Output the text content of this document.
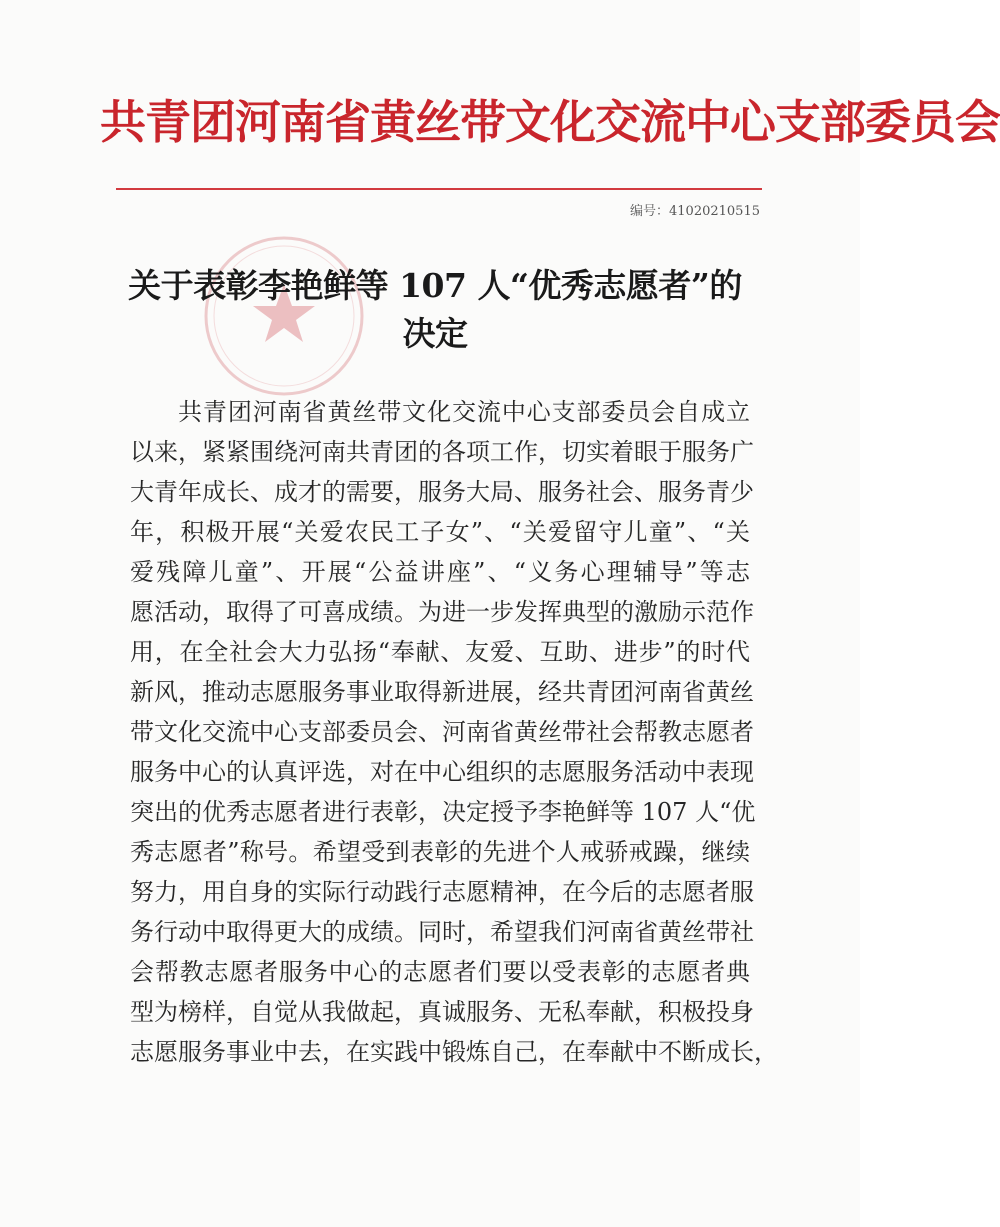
共青团河南省黄丝带文化交流中心支部委员会
编号：41020210515
关于表彰李艳鲜等 107 人“优秀志愿者”的
决定
共青团河南省黄丝带文化交流中心支部委员会自成立
以来，紧紧围绕河南共青团的各项工作，切实着眼于服务广
大青年成长、成才的需要，服务大局、服务社会、服务青少
年，积极开展“关爱农民工子女”、“关爱留守儿童”、“关
爱残障儿童”、开展“公益讲座”、“义务心理辅导”等志
愿活动，取得了可喜成绩。为进一步发挥典型的激励示范作
用，在全社会大力弘扬“奉献、友爱、互助、进步”的时代
新风，推动志愿服务事业取得新进展，经共青团河南省黄丝
带文化交流中心支部委员会、河南省黄丝带社会帮教志愿者
服务中心的认真评选，对在中心组织的志愿服务活动中表现
突出的优秀志愿者进行表彰，决定授予李艳鲜等 107 人“优
秀志愿者”称号。希望受到表彰的先进个人戒骄戒躁，继续
努力，用自身的实际行动践行志愿精神，在今后的志愿者服
务行动中取得更大的成绩。同时，希望我们河南省黄丝带社
会帮教志愿者服务中心的志愿者们要以受表彰的志愿者典
型为榜样，自觉从我做起，真诚服务、无私奉献，积极投身
志愿服务事业中去，在实践中锻炼自己，在奉献中不断成长，
